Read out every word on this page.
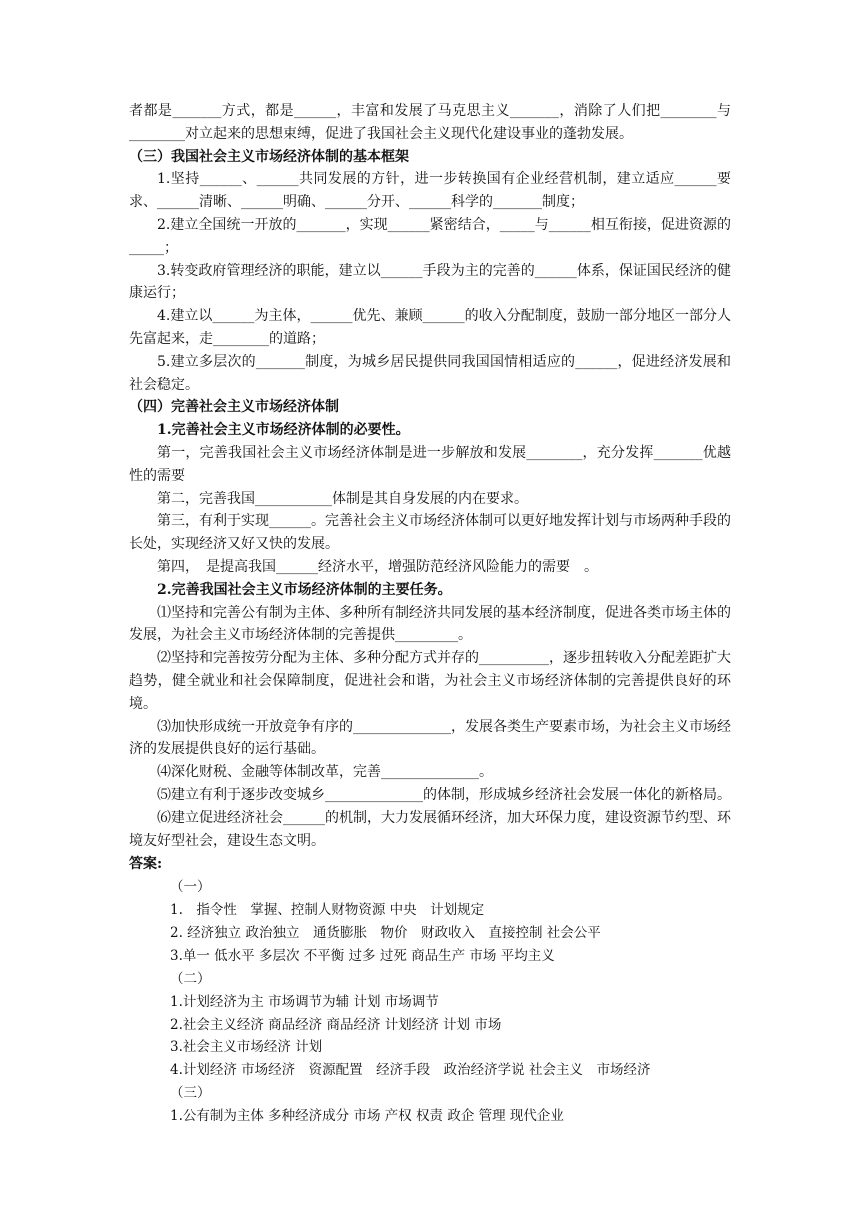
者都是_______方式，都是______，丰富和发展了马克思主义_______，消除了人们把________与________对立起来的思想束缚，促进了我国社会主义现代化建设事业的蓬勃发展。
（三）我国社会主义市场经济体制的基本框架
1.坚持______、______共同发展的方针，进一步转换国有企业经营机制，建立适应______要求、______清晰、______明确、______分开、______科学的_______制度；
2.建立全国统一开放的_______，实现______紧密结合，_____与______相互衔接，促进资源的_____；
3.转变政府管理经济的职能，建立以______手段为主的完善的______体系，保证国民经济的健康运行；
4.建立以______为主体，______优先、兼顾______的收入分配制度，鼓励一部分地区一部分人先富起来，走________的道路；
5.建立多层次的_______制度，为城乡居民提供同我国国情相适应的______，促进经济发展和社会稳定。
（四）完善社会主义市场经济体制
1.完善社会主义市场经济体制的必要性。
第一，完善我国社会主义市场经济体制是进一步解放和发展________，充分发挥_______优越性的需要
第二，完善我国___________体制是其自身发展的内在要求。
第三，有利于实现______。完善社会主义市场经济体制可以更好地发挥计划与市场两种手段的长处，实现经济又好又快的发展。
第四，　是提高我国______经济水平，增强防范经济风险能力的需要　。
2.完善我国社会主义市场经济体制的主要任务。
⑴坚持和完善公有制为主体、多种所有制经济共同发展的基本经济制度，促进各类市场主体的发展，为社会主义市场经济体制的完善提供_________。
⑵坚持和完善按劳分配为主体、多种分配方式并存的__________，逐步扭转收入分配差距扩大趋势，健全就业和社会保障制度，促进社会和谐，为社会主义市场经济体制的完善提供良好的环境。
⑶加快形成统一开放竞争有序的______________，发展各类生产要素市场，为社会主义市场经济的发展提供良好的运行基础。
⑷深化财税、金融等体制改革，完善______________。
⑸建立有利于逐步改变城乡______________的体制，形成城乡经济社会发展一体化的新格局。
⑹建立促进经济社会______的机制，大力发展循环经济，加大环保力度，建设资源节约型、环境友好型社会，建设生态文明。
答案:
（一）
1.　指令性　掌握、控制人财物资源 中央　计划规定
2. 经济独立 政治独立　通货膨胀　物价　财政收入　直接控制 社会公平
3.单一 低水平 多层次 不平衡 过多 过死 商品生产 市场 平均主义
（二）
1.计划经济为主 市场调节为辅 计划 市场调节
2.社会主义经济 商品经济 商品经济 计划经济 计划 市场
3.社会主义市场经济 计划
4.计划经济 市场经济　资源配置　经济手段　政治经济学说 社会主义　市场经济
（三）
1.公有制为主体 多种经济成分 市场 产权 权责 政企 管理 现代企业
